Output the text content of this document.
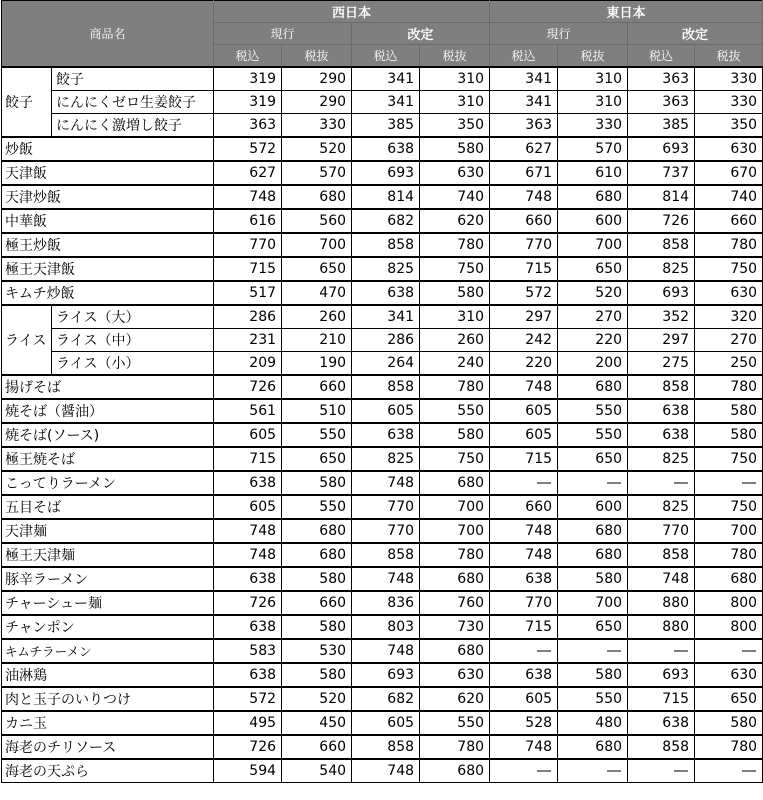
商品名		西日本				東日本			
		現行		改定		現行		改定	
		税込	税抜	税込	税抜	税込	税抜	税込	税抜
餃子	餃子	319	290	341	310	341	310	363	330
	にんにくゼロ生姜餃子	319	290	341	310	341	310	363	330
	にんにく激増し餃子	363	330	385	350	363	330	385	350
炒飯		572	520	638	580	627	570	693	630
天津飯		627	570	693	630	671	610	737	670
天津炒飯		748	680	814	740	748	680	814	740
中華飯		616	560	682	620	660	600	726	660
極王炒飯		770	700	858	780	770	700	858	780
極王天津飯		715	650	825	750	715	650	825	750
キムチ炒飯		517	470	638	580	572	520	693	630
ライス	ライス（大）	286	260	341	310	297	270	352	320
	ライス（中）	231	210	286	260	242	220	297	270
	ライス（小）	209	190	264	240	220	200	275	250
揚げそば		726	660	858	780	748	680	858	780
焼そば（醤油）		561	510	605	550	605	550	638	580
焼そば(ソース)		605	550	638	580	605	550	638	580
極王焼そば		715	650	825	750	715	650	825	750
こってりラーメン		638	580	748	680	―	―	―	―
五目そば		605	550	770	700	660	600	825	750
天津麺		748	680	770	700	748	680	770	700
極王天津麺		748	680	858	780	748	680	858	780
豚辛ラーメン		638	580	748	680	638	580	748	680
チャーシュー麺		726	660	836	760	770	700	880	800
チャンポン		638	580	803	730	715	650	880	800
キムチラーメン		583	530	748	680	―	―	―	―
油淋鶏		638	580	693	630	638	580	693	630
肉と玉子のいりつけ		572	520	682	620	605	550	715	650
カニ玉		495	450	605	550	528	480	638	580
海老のチリソース		726	660	858	780	748	680	858	780
海老の天ぷら		594	540	748	680	―	―	―	―
